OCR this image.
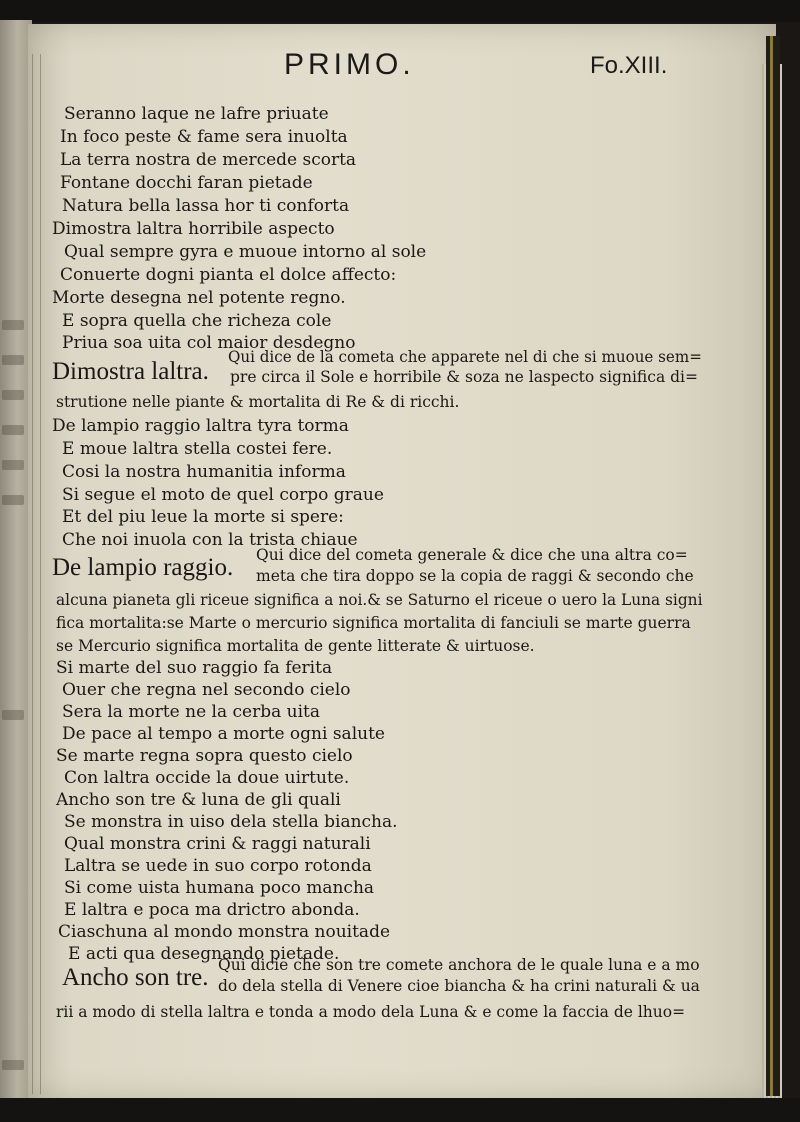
PRIMO.	Fo.XIII.
Seranno laque ne lafre priuate
In foco peste & fame sera inuolta
La terra nostra de mercede scorta
Fontane docchi faran pietade
Natura bella lassa hor ti conforta
Dimostra laltra horribile aspecto
Qual sempre gyra e muoue intorno al sole
Conuerte dogni pianta el dolce affecto:
Morte desegna nel potente regno.
E sopra quella che richeza cole
Priua soa uita col maior desdegno
Dimostra laltra.
Qui dice de la cometa che apparete nel di che si muoue sem=
pre circa il Sole e horribile & soza ne laspecto significa di=
strutione nelle piante & mortalita di Re & di ricchi.
De lampio raggio laltra tyra torma
E moue laltra stella costei fere.
Cosi la nostra humanitia informa
Si segue el moto de quel corpo graue
Et del piu leue la morte si spere:
Che noi inuola con la trista chiaue
De lampio raggio. Qui dice del cometa generale & dice che una altra co=
meta che tira doppo se la copia de raggi & secondo che
alcuna pianeta gli riceue significa a noi.& se Saturno el riceue o uero la Luna signi
fica mortalita:se Marte o mercurio significa mortalita di fanciuli se marte guerra
se Mercurio significa mortalita de gente litterate & uirtuose.
Si marte del suo raggio fa ferita
Ouer che regna nel secondo cielo
Sera la morte ne la cerba uita
De pace al tempo a morte ogni salute
Se marte regna sopra questo cielo
Con laltra occide la doue uirtute.
Ancho son tre & luna de gli quali
Se monstra in uiso dela stella biancha.
Qual monstra crini & raggi naturali
Laltra se uede in suo corpo rotonda
Si come uista humana poco mancha
E laltra e poca ma drictro abonda.
Ciaschuna al mondo monstra nouitade
E acti qua desegnando pietade.
Ancho son tre. Qui dicie che son tre comete anchora de le quale luna e a mo
do dela stella di Venere cioe biancha & ha crini naturali & ua
rii a modo di stella laltra e tonda a modo dela Luna & e come la faccia de lhuo=
